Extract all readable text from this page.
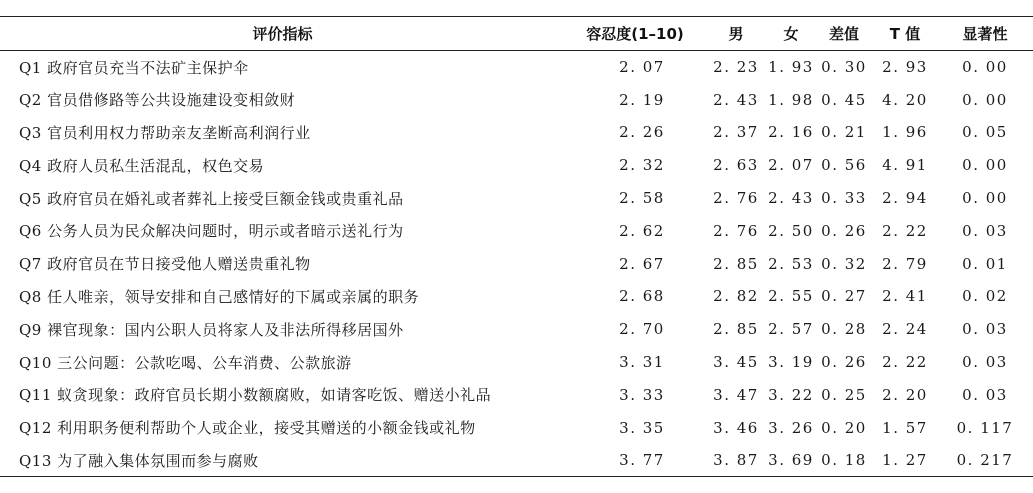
评价指标	容忍度(1–10)	男	女	差值	T 值	显著性
Q1 政府官员充当不法矿主保护伞	2. 07	2. 23	1. 93	0. 30	2. 93	0. 00
Q2 官员借修路等公共设施建设变相敛财	2. 19	2. 43	1. 98	0. 45	4. 20	0. 00
Q3 官员利用权力帮助亲友垄断高利润行业	2. 26	2. 37	2. 16	0. 21	1. 96	0. 05
Q4 政府人员私生活混乱，权色交易	2. 32	2. 63	2. 07	0. 56	4. 91	0. 00
Q5 政府官员在婚礼或者葬礼上接受巨额金钱或贵重礼品	2. 58	2. 76	2. 43	0. 33	2. 94	0. 00
Q6 公务人员为民众解决问题时，明示或者暗示送礼行为	2. 62	2. 76	2. 50	0. 26	2. 22	0. 03
Q7 政府官员在节日接受他人赠送贵重礼物	2. 67	2. 85	2. 53	0. 32	2. 79	0. 01
Q8 任人唯亲，领导安排和自己感情好的下属或亲属的职务	2. 68	2. 82	2. 55	0. 27	2. 41	0. 02
Q9 裸官现象：国内公职人员将家人及非法所得移居国外	2. 70	2. 85	2. 57	0. 28	2. 24	0. 03
Q10 三公问题：公款吃喝、公车消费、公款旅游	3. 31	3. 45	3. 19	0. 26	2. 22	0. 03
Q11 蚁贪现象：政府官员长期小数额腐败，如请客吃饭、赠送小礼品	3. 33	3. 47	3. 22	0. 25	2. 20	0. 03
Q12 利用职务便利帮助个人或企业，接受其赠送的小额金钱或礼物	3. 35	3. 46	3. 26	0. 20	1. 57	0. 117
Q13 为了融入集体氛围而参与腐败	3. 77	3. 87	3. 69	0. 18	1. 27	0. 217
